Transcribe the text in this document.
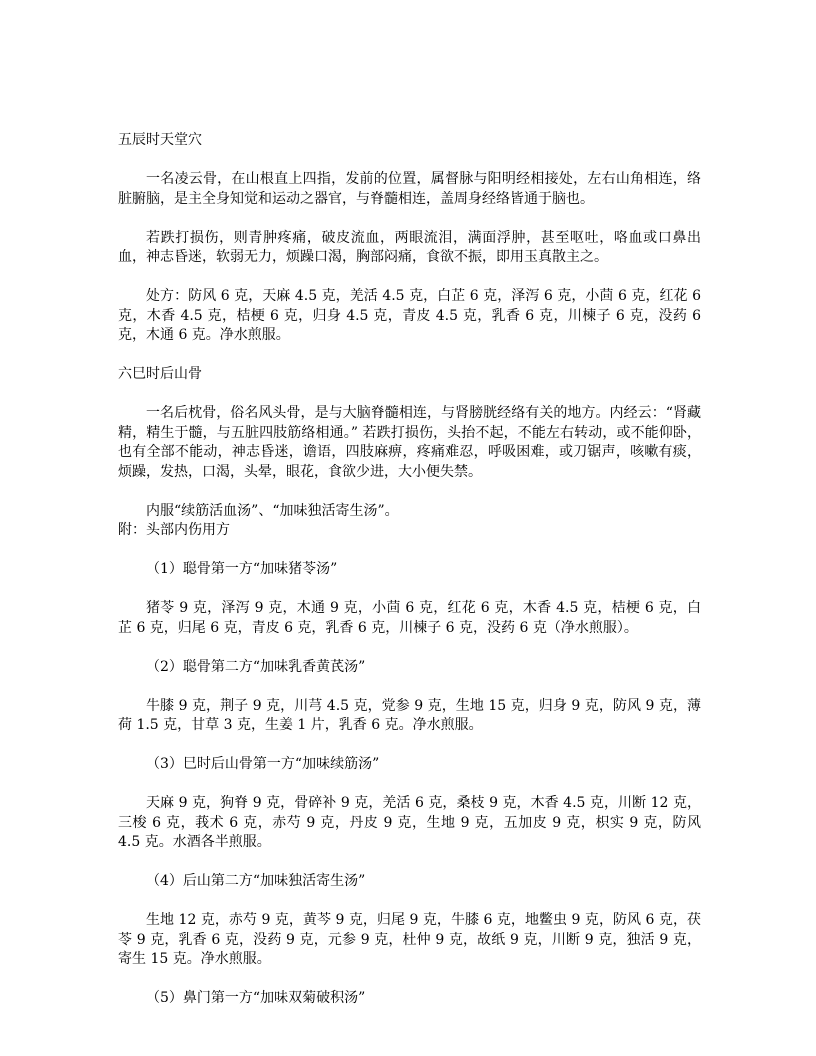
五辰时天堂穴
一名凌云骨，在山根直上四指，发前的位置，属督脉与阳明经相接处，左右山角相连，络脏腑脑，是主全身知觉和运动之器官，与脊髓相连，盖周身经络皆通于脑也。
若跌打损伤，则青肿疼痛，破皮流血，两眼流泪，满面浮肿，甚至呕吐，咯血或口鼻出血，神志昏迷，软弱无力，烦躁口渴，胸部闷痛，食欲不振，即用玉真散主之。
处方：防风 6 克，天麻 4.5 克，羌活 4.5 克，白芷 6 克，泽泻 6 克，小茴 6 克，红花 6 克，木香 4.5 克，桔梗 6 克，归身 4.5 克，青皮 4.5 克，乳香 6 克，川楝子 6 克，没药 6 克，木通 6 克。净水煎服。
六巳时后山骨
一名后枕骨，俗名风头骨，是与大脑脊髓相连，与肾膀胱经络有关的地方。内经云：“肾藏精，精生于髓，与五脏四肢筋络相通。” 若跌打损伤，头抬不起，不能左右转动，或不能仰卧，也有全部不能动，神志昏迷，谵语，四肢麻痹，疼痛难忍，呼吸困难，或刀锯声，咳嗽有痰，烦躁，发热，口渴，头晕，眼花，食欲少进，大小便失禁。
内服“续筋活血汤”、“加味独活寄生汤”。
附：头部内伤用方
（1）聪骨第一方“加味猪苓汤”
猪苓 9 克，泽泻 9 克，木通 9 克，小茴 6 克，红花 6 克，木香 4.5 克，桔梗 6 克，白芷 6 克，归尾 6 克，青皮 6 克，乳香 6 克，川楝子 6 克，没药 6 克（净水煎服）。
（2）聪骨第二方“加味乳香黄芪汤”
牛膝 9 克，荆子 9 克，川芎 4.5 克，党参 9 克，生地 15 克，归身 9 克，防风 9 克，薄荷 1.5 克，甘草 3 克，生姜 1 片，乳香 6 克。净水煎服。
（3）巳时后山骨第一方“加味续筋汤”
天麻 9 克，狗脊 9 克，骨碎补 9 克，羌活 6 克，桑枝 9 克，木香 4.5 克，川断 12 克，三梭 6 克，莪术 6 克，赤芍 9 克，丹皮 9 克，生地 9 克，五加皮 9 克，枳实 9 克，防风 4.5 克。水酒各半煎服。
（4）后山第二方“加味独活寄生汤”
生地 12 克，赤芍 9 克，黄芩 9 克，归尾 9 克，牛膝 6 克，地鳖虫 9 克，防风 6 克，茯苓 9 克，乳香 6 克，没药 9 克，元参 9 克，杜仲 9 克，故纸 9 克，川断 9 克，独活 9 克，寄生 15 克。净水煎服。
（5）鼻门第一方“加味双菊破积汤”
